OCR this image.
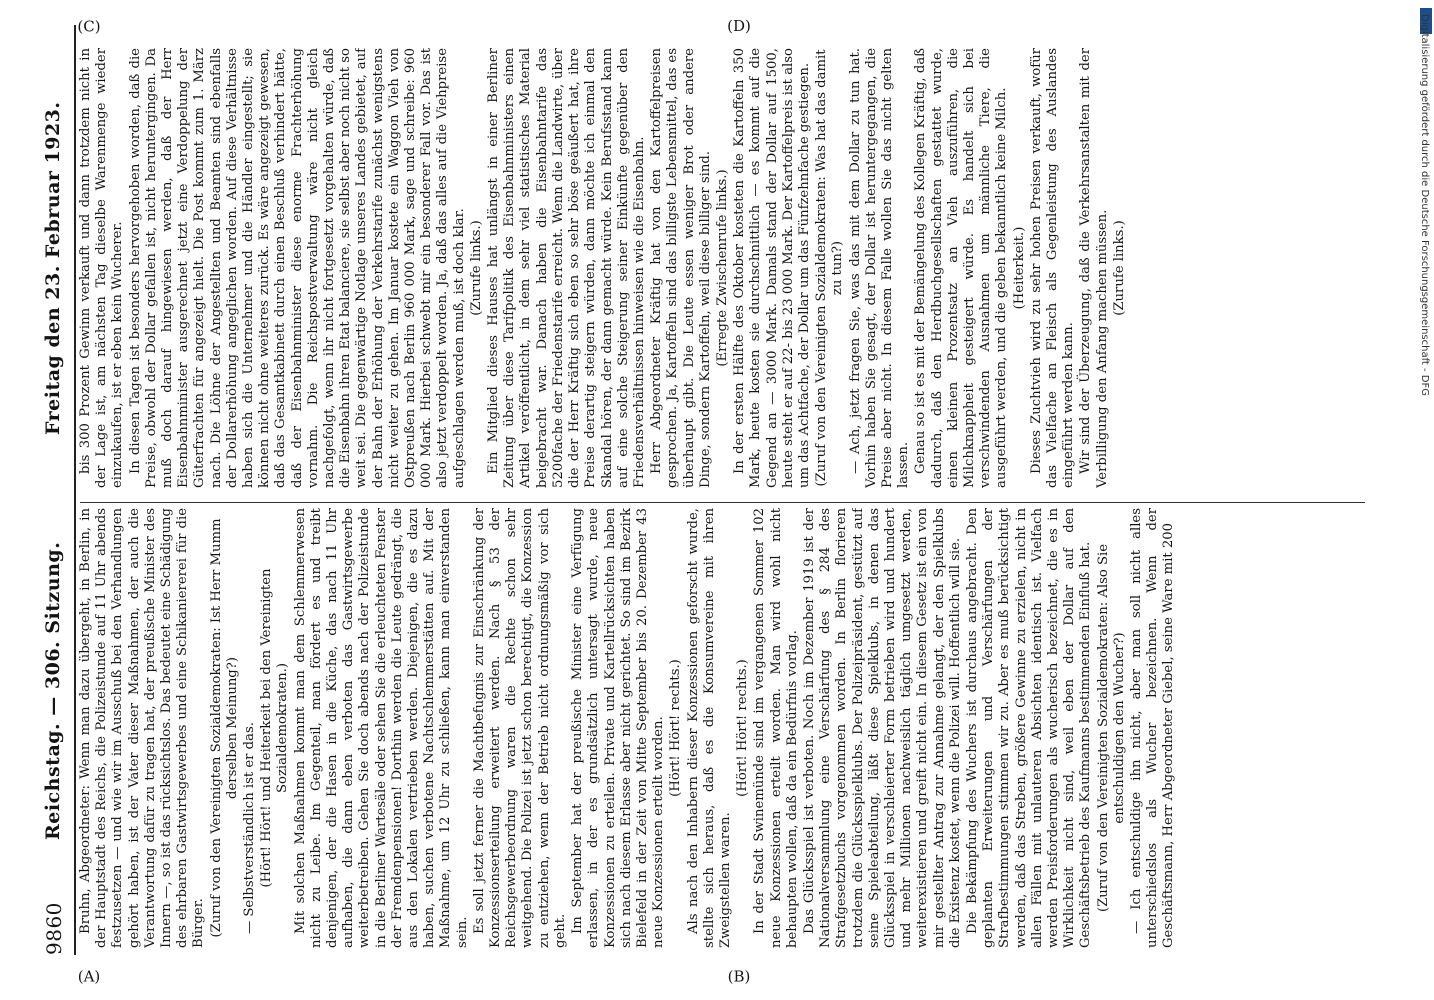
9860
Reichstag. — 306. Sitzung.
Freitag den 23. Februar 1923.
(A)	(B)
(C)	(D)

Bruhn, Abgeordneter: Wenn man dazu übergeht, in Berlin, in der Hauptstadt des Reichs, die Polizeistunde auf 11 Uhr abends festzusetzen — und wie wir im Ausschuß bei den Verhandlungen gehört haben, ist der Vater dieser Maßnahmen, der auch die Verantwortung dafür zu tragen hat, der preußische Minister des Innern —, so ist das rücksichtslos. Das bedeutet eine Schädigung des ehrbaren Gastwirtsgewerbes und eine Schikaniererei für die Bürger. (Zuruf von den Vereinigten Sozialdemokraten: Ist Herr Mumm derselben Meinung?) — Selbstverständlich ist er das. (Hört! Hört! und Heiterkeit bei den Vereinigten Sozialdemokraten.) Mit solchen Maßnahmen kommt man dem Schlemmerwesen nicht zu Leibe. Im Gegenteil, man fördert es und treibt denjenigen, der die Hasen in die Küche, das nach 11 Uhr aufhaben, die dann eben verboten das Gastwirtsgewerbe weiterbetreiben. Gehen Sie doch abends nach der Polizeistunde in die Berliner Wartesäle oder sehen Sie die erleuchteten Fenster der Fremdenpensionen! Dorthin werden die Leute gedrängt, die aus den Lokalen vertrieben werden. Diejenigen, die es dazu haben, suchen verbotene Nachtschlemmerstätten auf. Mit der Maßnahme, um 12 Uhr zu schließen, kann man einverstanden sein. Es soll jetzt ferner die Machtbefugnis zur Einschränkung der Konzessionserteilung erweitert werden. Nach § 53 der Reichsgewerbeordnung waren die Rechte schon sehr weitgehend. Die Polizei ist jetzt schon berechtigt, die Konzession zu entziehen, wenn der Betrieb nicht ordnungsmäßig vor sich geht. Im September hat der preußische Minister eine Verfügung erlassen, in der es grundsätzlich untersagt wurde, neue Konzessionen zu erteilen. Private und Kartellrücksichten haben sich nach diesem Erlasse aber nicht gerichtet. So sind im Bezirk Bielefeld in der Zeit von Mitte September bis 20. Dezember 43 neue Konzessionen erteilt worden. (Hört! Hört! rechts.) Als nach den Inhabern dieser Konzessionen geforscht wurde, stellte sich heraus, daß es die Konsumvereine mit ihren Zweigstellen waren.

(Hört! Hört! rechts.) In der Stadt Swinemünde sind im vergangenen Sommer 102 neue Konzessionen erteilt worden. Man wird wohl nicht behaupten wollen, daß da ein Bedürfnis vorlag. Das Glücksspiel ist verboten. Noch im Dezember 1919 ist der Nationalversammlung eine Verschärfung des § 284 des Strafgesetzbuchs vorgenommen worden. In Berlin florieren trotzdem die Glücksspielklubs. Der Polizeipräsident, gestützt auf seine Spieleabteilung, läßt diese Spielklubs, in denen das Glücksspiel in verschleierter Form betrieben wird und hundert und mehr Millionen nachweislich täglich umgesetzt werden, weiterexistieren und greift nicht ein. In diesem Gesetz ist ein von mir gestellter Antrag zur Annahme gelangt, der den Spielklubs die Existenz kostet, wenn die Polizei will. Hoffentlich will sie. Die Bekämpfung des Wuchers ist durchaus angebracht. Den geplanten Erweiterungen und Verschärfungen der Strafbestimmungen stimmen wir zu. Aber es muß berücksichtigt werden, daß das Streben, größere Gewinne zu erzielen, nicht in allen Fällen mit unlauteren Absichten identisch ist. Vielfach werden Preisforderungen als wucherisch bezeichnet, die es in Wirklichkeit nicht sind, weil eben der Dollar auf den Geschäftsbetrieb des Kaufmanns bestimmenden Einfluß hat. (Zuruf von den Vereinigten Sozialdemokraten: Also Sie entschuldigen den Wucher?) — Ich entschuldige ihn nicht, aber man soll nicht alles unterschiedslos als Wucher bezeichnen. Wenn der Geschäftsmann, Herr Abgeordneter Giebel, seine Ware mit 200

bis 300 Prozent Gewinn verkauft und dann trotzdem nicht in der Lage ist, am nächsten Tag dieselbe Warenmenge wieder einzukaufen, ist er eben kein Wucherer. In diesen Tagen ist besonders hervorgehoben worden, daß die Preise, obwohl der Dollar gefallen ist, nicht heruntergingen. Da muß doch darauf hingewiesen werden, daß der Herr Eisenbahnminister ausgerechnet jetzt eine Verdoppelung der Güterfrachten für angezeigt hielt. Die Post kommt zum 1. März nach. Die Löhne der Angestellten und Beamten sind ebenfalls der Dollarerhöhung angeglichen worden. Auf diese Verhältnisse haben sich die Unternehmer und die Händler eingestellt; sie können nicht ohne weiteres zurück. Es wäre angezeigt gewesen, daß das Gesamtkabinett durch einen Beschluß verhindert hätte, daß der Eisenbahnminister diese enorme Frachterhöhung vornahm. Die Reichspostverwaltung wäre nicht gleich nachgefolgt, wenn ihr nicht fortgesetzt vorgehalten würde, daß die Eisenbahn ihren Etat balanciere, sie selbst aber noch nicht so weit sei. Die gegenwärtige Notlage unseres Landes gebietet, auf der Bahn der Erhöhung der Verkehrstarife zunächst wenigstens nicht weiter zu gehen. Im Januar kostete ein Waggon Vieh von Ostpreußen nach Berlin 960 000 Mark, sage und schreibe: 960 000 Mark. Hierbei schwebt mir ein besonderer Fall vor. Das ist also jetzt verdoppelt worden. Ja, daß das alles auf die Viehpreise aufgeschlagen werden muß, ist doch klar. (Zurufe links.) Ein Mitglied dieses Hauses hat unlängst in einer Berliner Zeitung über diese Tarifpolitik des Eisenbahnministers einen Artikel veröffentlicht, in dem sehr viel statistisches Material beigebracht war. Danach haben die Eisenbahntarife das 5200fache der Friedenstarife erreicht. Wenn die Landwirte, über die der Herr Kräftig sich eben so sehr böse geäußert hat, ihre Preise derartig steigern würden, dann möchte ich einmal den Skandal hören, der dann gemacht würde. Kein Berufsstand kann auf eine solche Steigerung seiner Einkünfte gegenüber den Friedensverhältnissen hinweisen wie die Eisenbahn. Herr Abgeordneter Kräftig hat von den Kartoffelpreisen gesprochen. Ja, Kartoffeln sind das billigste Lebensmittel, das es überhaupt gibt. Die Leute essen weniger Brot oder andere Dinge, sondern Kartoffeln, weil diese billiger sind. (Erregte Zwischenrufe links.) In der ersten Hälfte des Oktober kosteten die Kartoffeln 350 Mark, heute kosten sie durchschnittlich — es kommt auf die Gegend an — 3000 Mark. Damals stand der Dollar auf 1500, heute steht er auf 22- bis 23 000 Mark. Der Kartoffelpreis ist also um das Achtfache, der Dollar um das Fünfzehnfache gestiegen. (Zuruf von den Vereinigten Sozialdemokraten: Was hat das damit zu tun?) — Ach, jetzt fragen Sie, was das mit dem Dollar zu tun hat. Vorhin haben Sie gesagt, der Dollar ist heruntergegangen, die Preise aber nicht. In diesem Falle wollen Sie das nicht gelten lassen. Genau so ist es mit der Bemängelung des Kollegen Kräftig, daß dadurch, daß den Herdbuchgesellschaften gestattet wurde, einen kleinen Prozentsatz an Vieh auszuführen, die Milchknappheit gesteigert würde. Es handelt sich bei verschwindenden Ausnahmen um männliche Tiere, die ausgeführt werden, und die geben bekanntlich keine Milch. (Heiterkeit.) Dieses Zuchtvieh wird zu sehr hohen Preisen verkauft, wofür das Vielfache an Fleisch als Gegenleistung des Auslandes eingeführt werden kann. Wir sind der Überzeugung, daß die Verkehrsanstalten mit der Verbilligung den Anfang machen müssen. (Zurufe links.)	Digitalisierung gefördert durch die Deutsche Forschungsgemeinschaft - DFG
